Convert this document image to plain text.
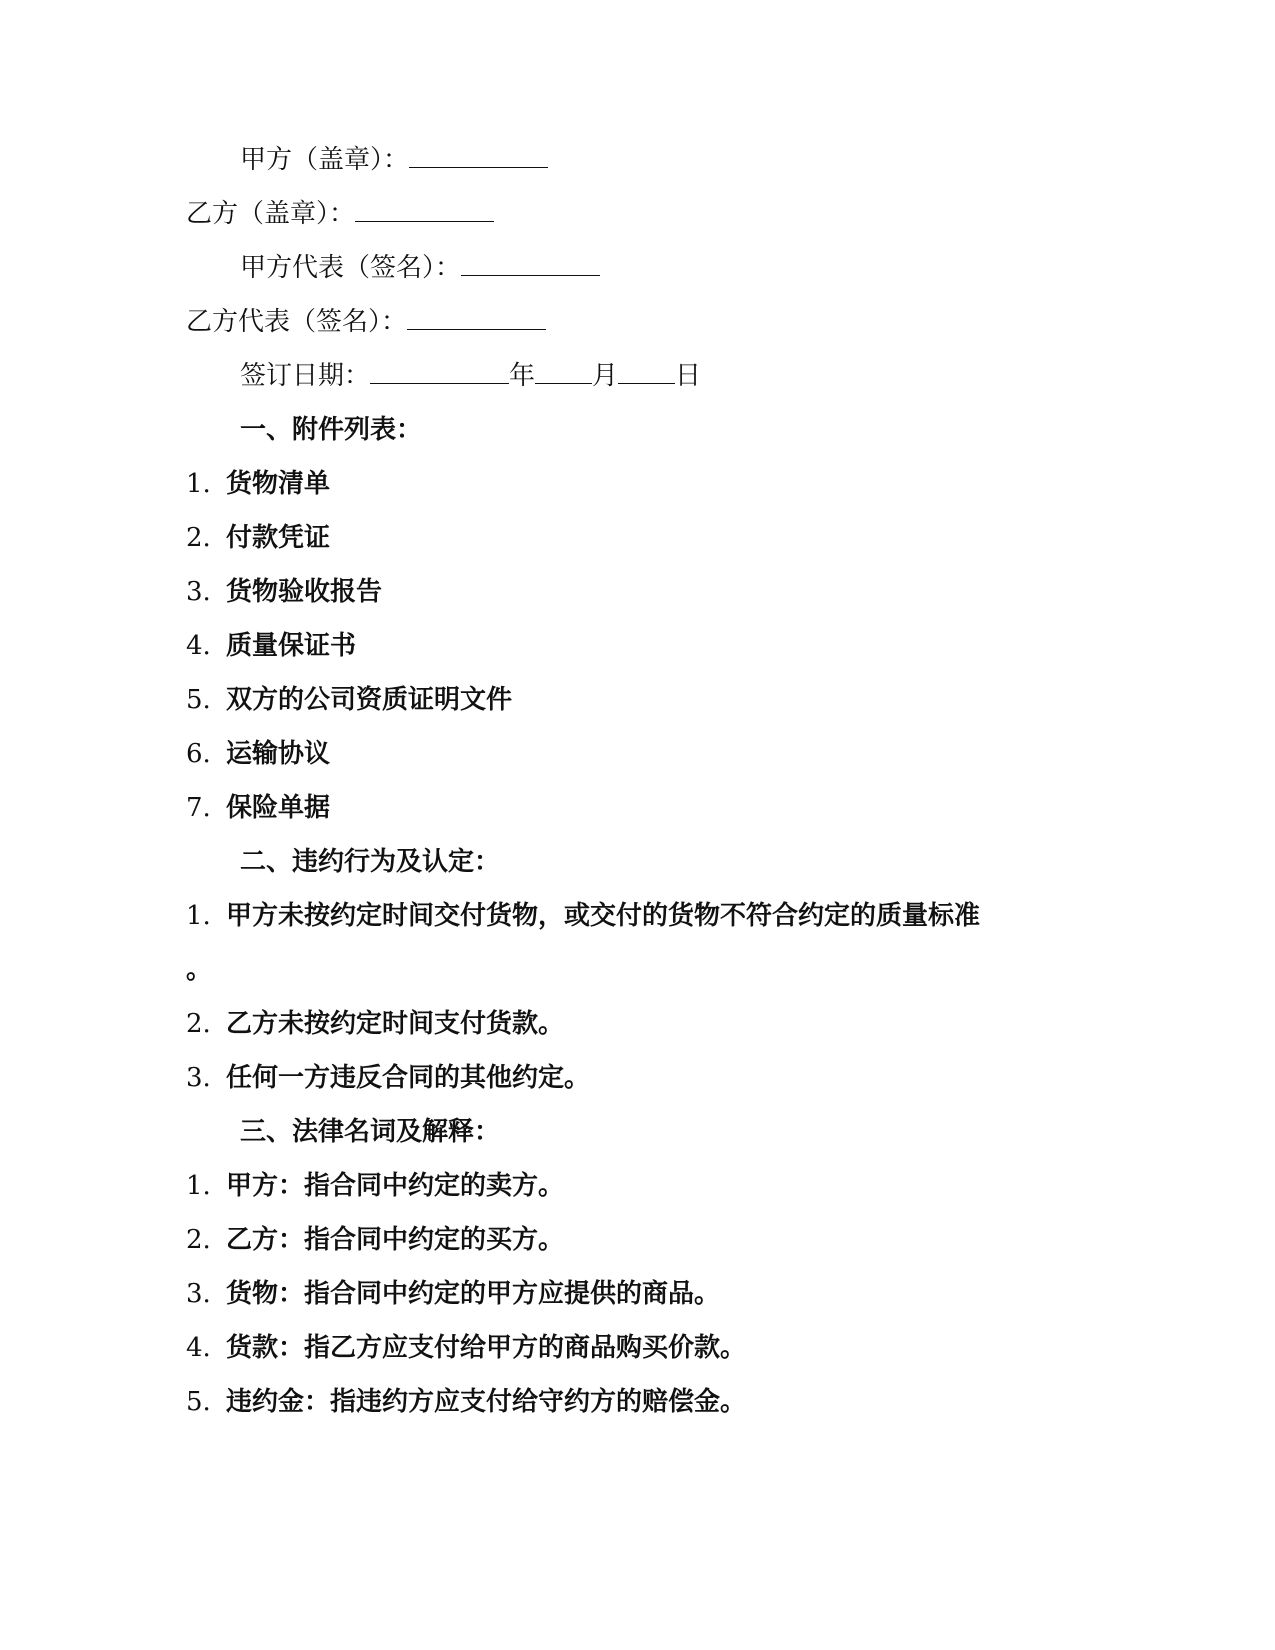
甲方（盖章）：
乙方（盖章）：
甲方代表（签名）：
乙方代表（签名）：
签订日期：	年 月 日
一、附件列表：
1. 货物清单
2. 付款凭证
3. 货物验收报告
4. 质量保证书
5. 双方的公司资质证明文件
6. 运输协议
7. 保险单据
二、违约行为及认定：
1. 甲方未按约定时间交付货物，或交付的货物不符合约定的质量标准
。
2. 乙方未按约定时间支付货款。
3. 任何一方违反合同的其他约定。
三、法律名词及解释：
1. 甲方：指合同中约定的卖方。
2. 乙方：指合同中约定的买方。
3. 货物：指合同中约定的甲方应提供的商品。
4. 货款：指乙方应支付给甲方的商品购买价款。
5. 违约金：指违约方应支付给守约方的赔偿金。
